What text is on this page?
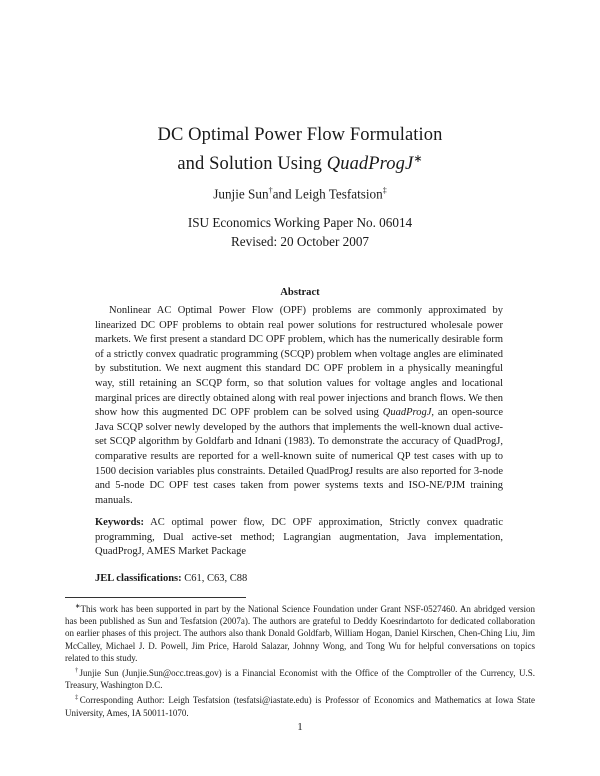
DC Optimal Power Flow Formulation
and Solution Using QuadProgJ∗
Junjie Sun†and Leigh Tesfatsion‡
ISU Economics Working Paper No. 06014
Revised: 20 October 2007
Abstract

Nonlinear AC Optimal Power Flow (OPF) problems are commonly approximated by linearized DC OPF problems to obtain real power solutions for restructured wholesale power markets. We first present a standard DC OPF problem, which has the numerically desirable form of a strictly convex quadratic programming (SCQP) problem when voltage angles are eliminated by substitution. We next augment this standard DC OPF problem in a physically meaningful way, still retaining an SCQP form, so that solution values for voltage angles and locational marginal prices are directly obtained along with real power injections and branch flows. We then show how this augmented DC OPF problem can be solved using QuadProgJ, an open-source Java SCQP solver newly developed by the authors that implements the well-known dual active-set SCQP algorithm by Goldfarb and Idnani (1983). To demonstrate the accuracy of QuadProgJ, comparative results are reported for a well-known suite of numerical QP test cases with up to 1500 decision variables plus constraints. Detailed QuadProgJ results are also reported for 3-node and 5-node DC OPF test cases taken from power systems texts and ISO-NE/PJM training manuals.

Keywords: AC optimal power flow, DC OPF approximation, Strictly convex quadratic programming, Dual active-set method; Lagrangian augmentation, Java implementation, QuadProgJ, AMES Market Package

JEL classifications: C61, C63, C88

∗This work has been supported in part by the National Science Foundation under Grant NSF-0527460. An abridged version has been published as Sun and Tesfatsion (2007a). The authors are grateful to Deddy Koesrindartoto for dedicated collaboration on earlier phases of this project. The authors also thank Donald Goldfarb, William Hogan, Daniel Kirschen, Chen-Ching Liu, Jim McCalley, Michael J. D. Powell, Jim Price, Harold Salazar, Johnny Wong, and Tong Wu for helpful conversations on topics related to this study.

†Junjie Sun (Junjie.Sun@occ.treas.gov) is a Financial Economist with the Office of the Comptroller of the Currency, U.S. Treasury, Washington D.C.

‡Corresponding Author: Leigh Tesfatsion (tesfatsi@iastate.edu) is Professor of Economics and Mathematics at Iowa State University, Ames, IA 50011-1070.

1
